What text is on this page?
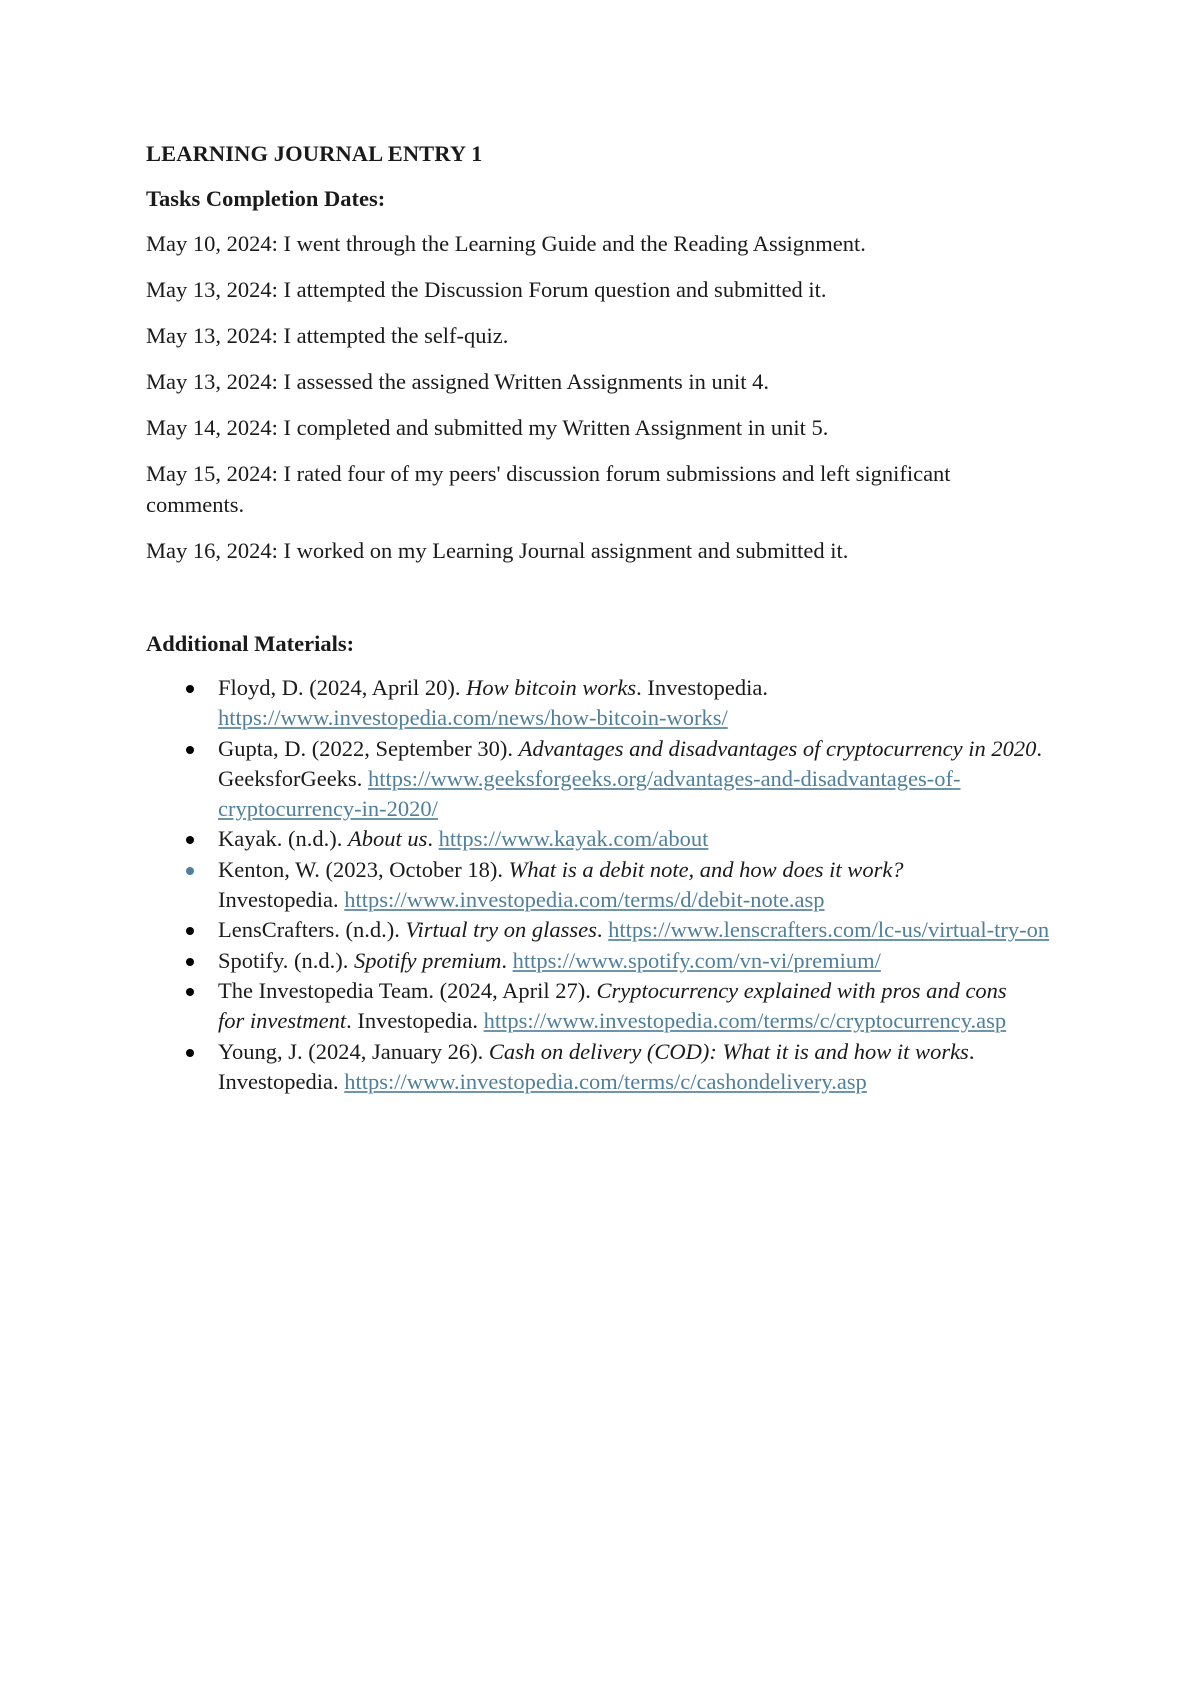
LEARNING JOURNAL ENTRY 1
Tasks Completion Dates:
May 10, 2024: I went through the Learning Guide and the Reading Assignment.
May 13, 2024: I attempted the Discussion Forum question and submitted it.
May 13, 2024: I attempted the self-quiz.
May 13, 2024: I assessed the assigned Written Assignments in unit 4.
May 14, 2024: I completed and submitted my Written Assignment in unit 5.
May 15, 2024: I rated four of my peers' discussion forum submissions and left significant comments.
May 16, 2024: I worked on my Learning Journal assignment and submitted it.
Additional Materials:
Floyd, D. (2024, April 20). How bitcoin works. Investopedia. https://www.investopedia.com/news/how-bitcoin-works/
Gupta, D. (2022, September 30). Advantages and disadvantages of cryptocurrency in 2020. GeeksforGeeks. https://www.geeksforgeeks.org/advantages-and-disadvantages-of-cryptocurrency-in-2020/
Kayak. (n.d.). About us. https://www.kayak.com/about
Kenton, W. (2023, October 18). What is a debit note, and how does it work? Investopedia. https://www.investopedia.com/terms/d/debit-note.asp
LensCrafters. (n.d.). Virtual try on glasses. https://www.lenscrafters.com/lc-us/virtual-try-on
Spotify. (n.d.). Spotify premium. https://www.spotify.com/vn-vi/premium/
The Investopedia Team. (2024, April 27). Cryptocurrency explained with pros and cons for investment. Investopedia. https://www.investopedia.com/terms/c/cryptocurrency.asp
Young, J. (2024, January 26). Cash on delivery (COD): What it is and how it works. Investopedia. https://www.investopedia.com/terms/c/cashondelivery.asp
